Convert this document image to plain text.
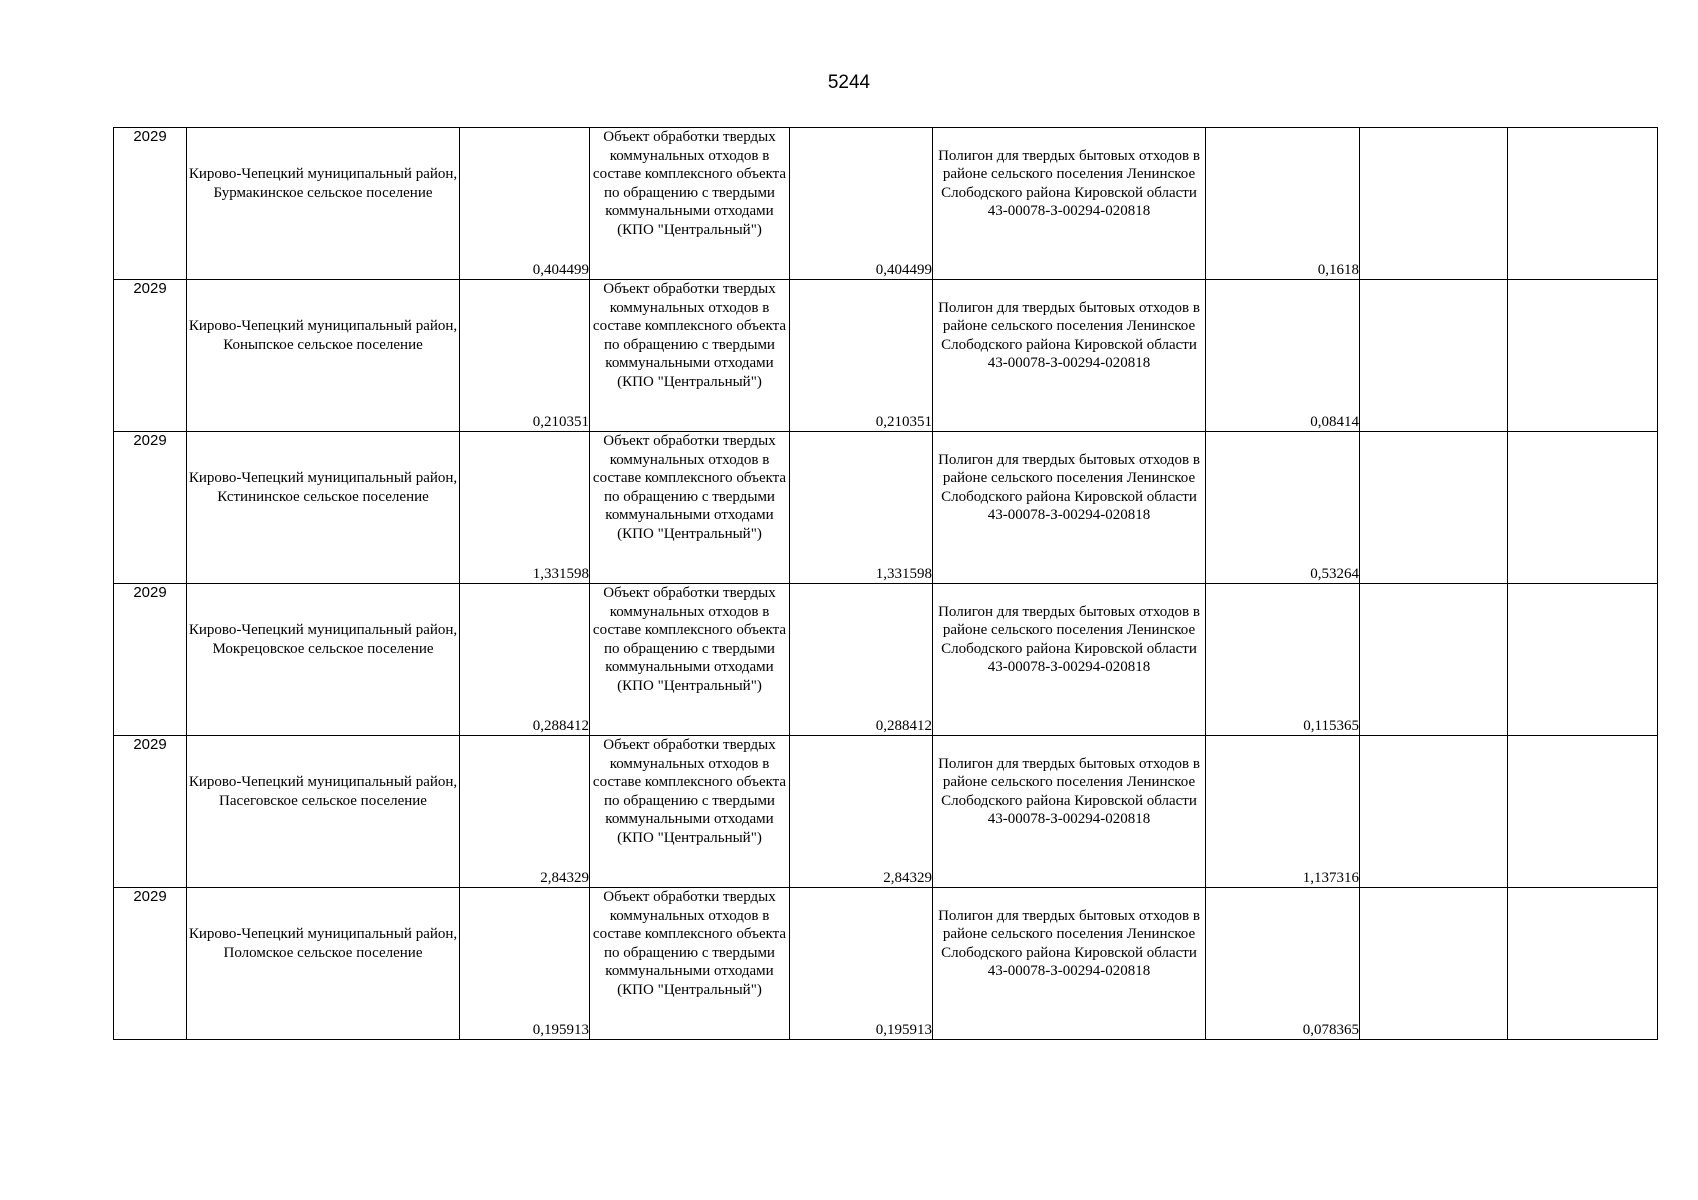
5244
2029	Кирово-Чепецкий муниципальный район, Бурмакинское сельское поселение	0,404499	Объект обработки твердых коммунальных отходов в составе комплексного объекта по обращению с твердыми коммунальными отходами (КПО "Центральный")	0,404499	Полигон для твердых бытовых отходов в районе сельского поселения Ленинское Слободского района Кировской области 43-00078-З-00294-020818	0,1618		
2029	Кирово-Чепецкий муниципальный район, Коныпское сельское поселение	0,210351	Объект обработки твердых коммунальных отходов в составе комплексного объекта по обращению с твердыми коммунальными отходами (КПО "Центральный")	0,210351	Полигон для твердых бытовых отходов в районе сельского поселения Ленинское Слободского района Кировской области 43-00078-З-00294-020818	0,08414		
2029	Кирово-Чепецкий муниципальный район, Кстининское сельское поселение	1,331598	Объект обработки твердых коммунальных отходов в составе комплексного объекта по обращению с твердыми коммунальными отходами (КПО "Центральный")	1,331598	Полигон для твердых бытовых отходов в районе сельского поселения Ленинское Слободского района Кировской области 43-00078-З-00294-020818	0,53264		
2029	Кирово-Чепецкий муниципальный район, Мокрецовское сельское поселение	0,288412	Объект обработки твердых коммунальных отходов в составе комплексного объекта по обращению с твердыми коммунальными отходами (КПО "Центральный")	0,288412	Полигон для твердых бытовых отходов в районе сельского поселения Ленинское Слободского района Кировской области 43-00078-З-00294-020818	0,115365		
2029	Кирово-Чепецкий муниципальный район, Пасеговское сельское поселение	2,84329	Объект обработки твердых коммунальных отходов в составе комплексного объекта по обращению с твердыми коммунальными отходами (КПО "Центральный")	2,84329	Полигон для твердых бытовых отходов в районе сельского поселения Ленинское Слободского района Кировской области 43-00078-З-00294-020818	1,137316		
2029	Кирово-Чепецкий муниципальный район, Поломское сельское поселение	0,195913	Объект обработки твердых коммунальных отходов в составе комплексного объекта по обращению с твердыми коммунальными отходами (КПО "Центральный")	0,195913	Полигон для твердых бытовых отходов в районе сельского поселения Ленинское Слободского района Кировской области 43-00078-З-00294-020818	0,078365		
